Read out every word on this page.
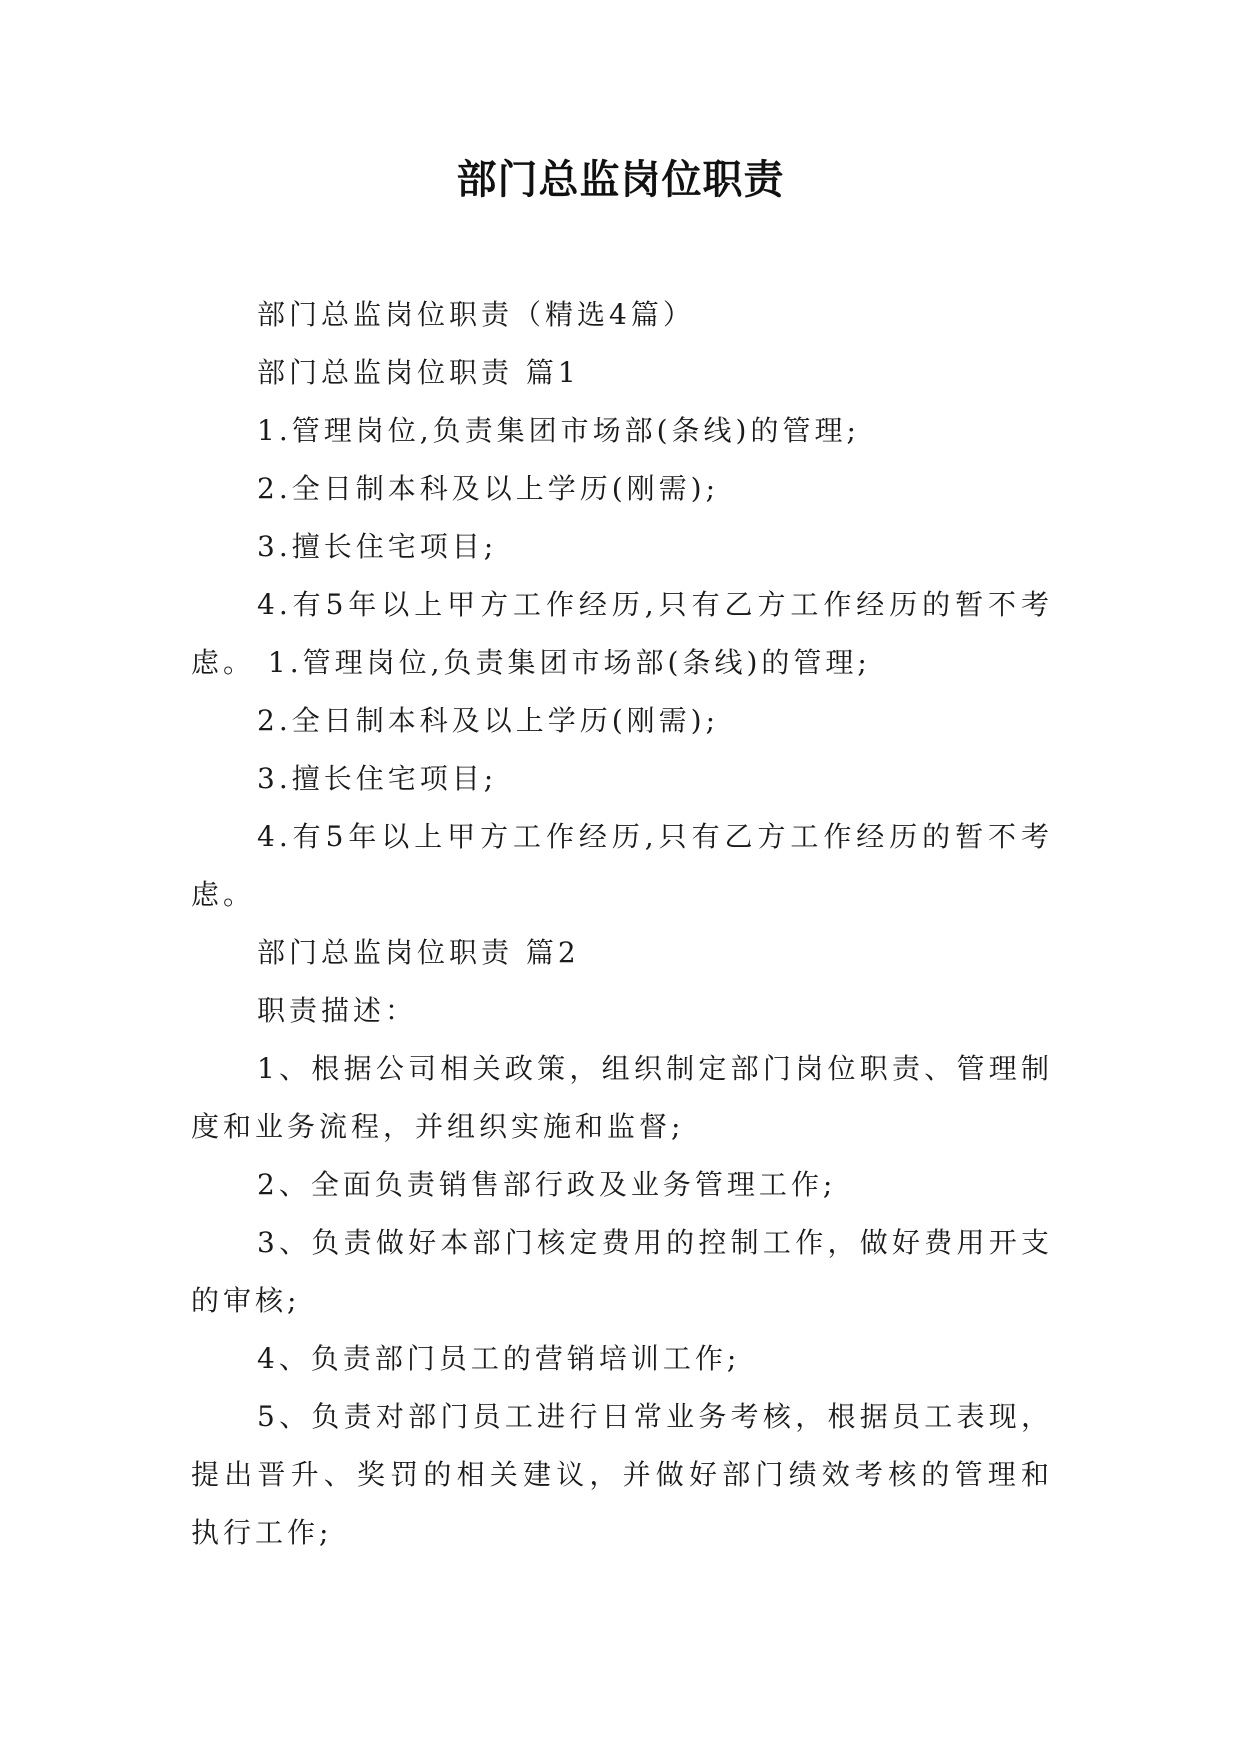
部门总监岗位职责

部门总监岗位职责（精选4篇）

部门总监岗位职责 篇1

1.管理岗位,负责集团市场部(条线)的管理;

2.全日制本科及以上学历(刚需);

3.擅长住宅项目;

4.有5年以上甲方工作经历,只有乙方工作经历的暂不考虑。 1.管理岗位,负责集团市场部(条线)的管理;

2.全日制本科及以上学历(刚需);

3.擅长住宅项目;

4.有5年以上甲方工作经历,只有乙方工作经历的暂不考虑。

部门总监岗位职责 篇2

职责描述：

1、根据公司相关政策，组织制定部门岗位职责、管理制度和业务流程，并组织实施和监督;

2、全面负责销售部行政及业务管理工作;

3、负责做好本部门核定费用的控制工作，做好费用开支的审核;

4、负责部门员工的营销培训工作;

5、负责对部门员工进行日常业务考核，根据员工表现，提出晋升、奖罚的相关建议，并做好部门绩效考核的管理和执行工作;
